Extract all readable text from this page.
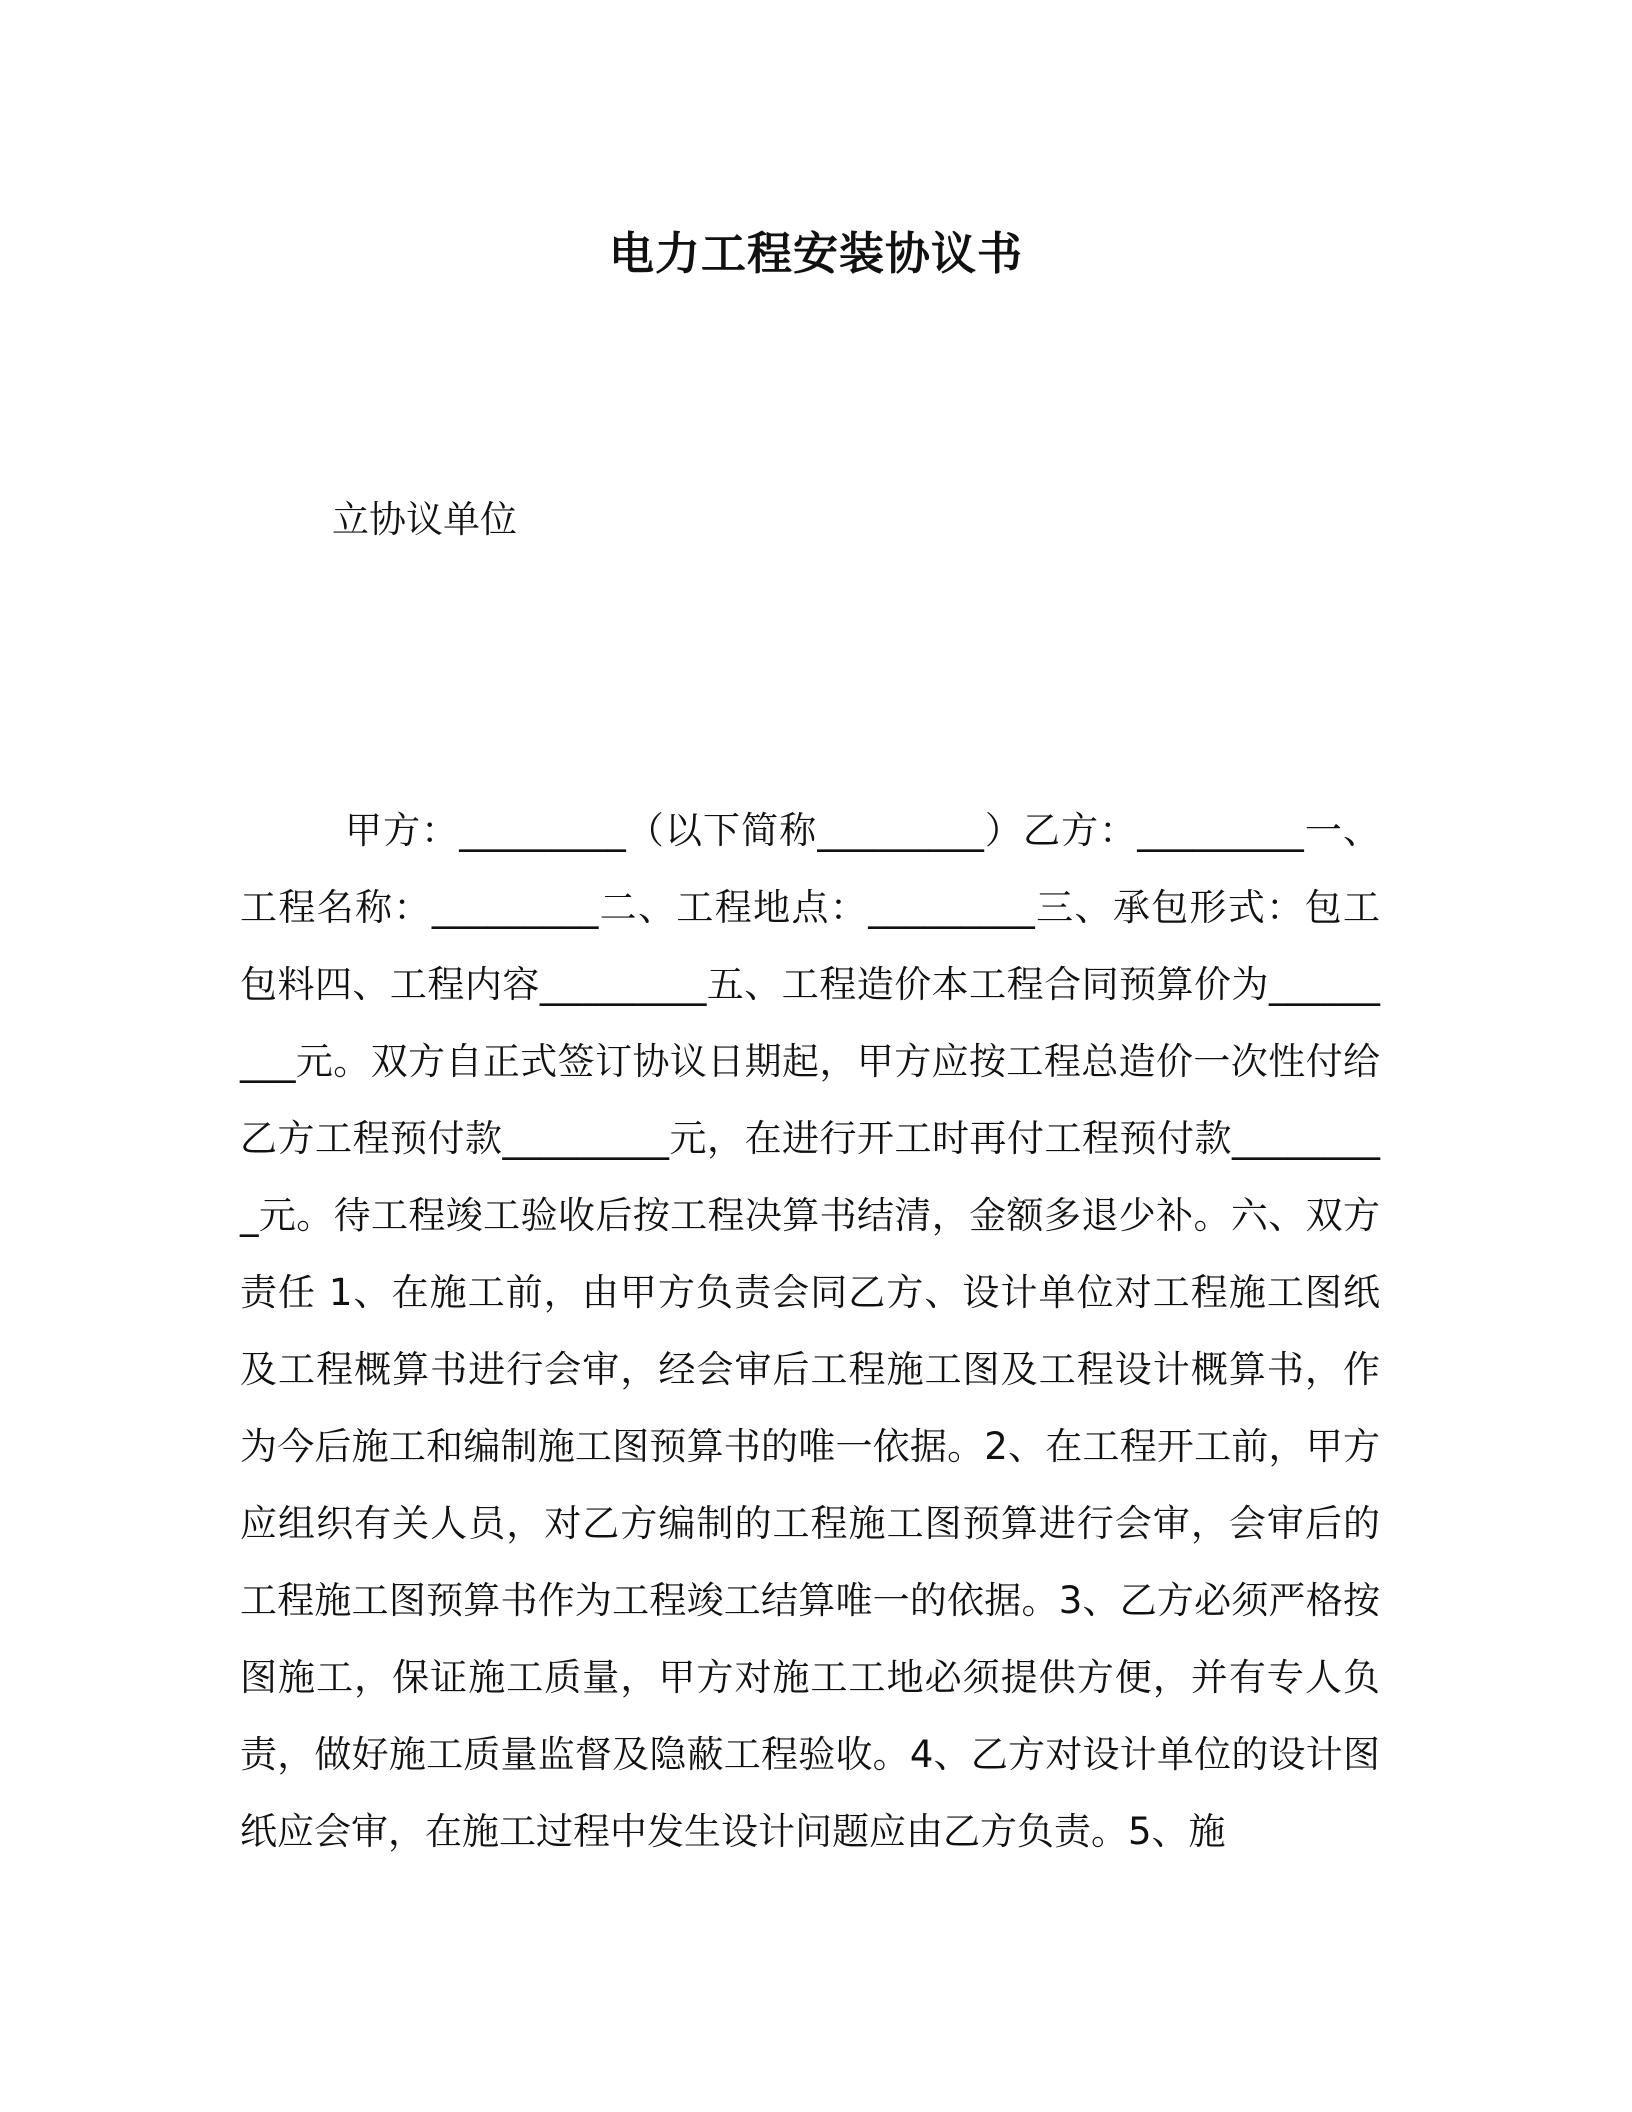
电力工程安装协议书
立协议单位
甲方：_________（以下简称_________）乙方：_________一、工程名称：_________二、工程地点：_________三、承包形式：包工包料四、工程内容_________五、工程造价本工程合同预算价为_________元。双方自正式签订协议日期起，甲方应按工程总造价一次性付给乙方工程预付款_________元，在进行开工时再付工程预付款_________元。待工程竣工验收后按工程决算书结清，金额多退少补。六、双方责任 1、在施工前，由甲方负责会同乙方、设计单位对工程施工图纸及工程概算书进行会审，经会审后工程施工图及工程设计概算书，作为今后施工和编制施工图预算书的唯一依据。2、在工程开工前，甲方应组织有关人员，对乙方编制的工程施工图预算进行会审，会审后的工程施工图预算书作为工程竣工结算唯一的依据。3、乙方必须严格按图施工，保证施工质量，甲方对施工工地必须提供方便，并有专人负责，做好施工质量监督及隐蔽工程验收。4、乙方对设计单位的设计图纸应会审，在施工过程中发生设计问题应由乙方负责。5、施
